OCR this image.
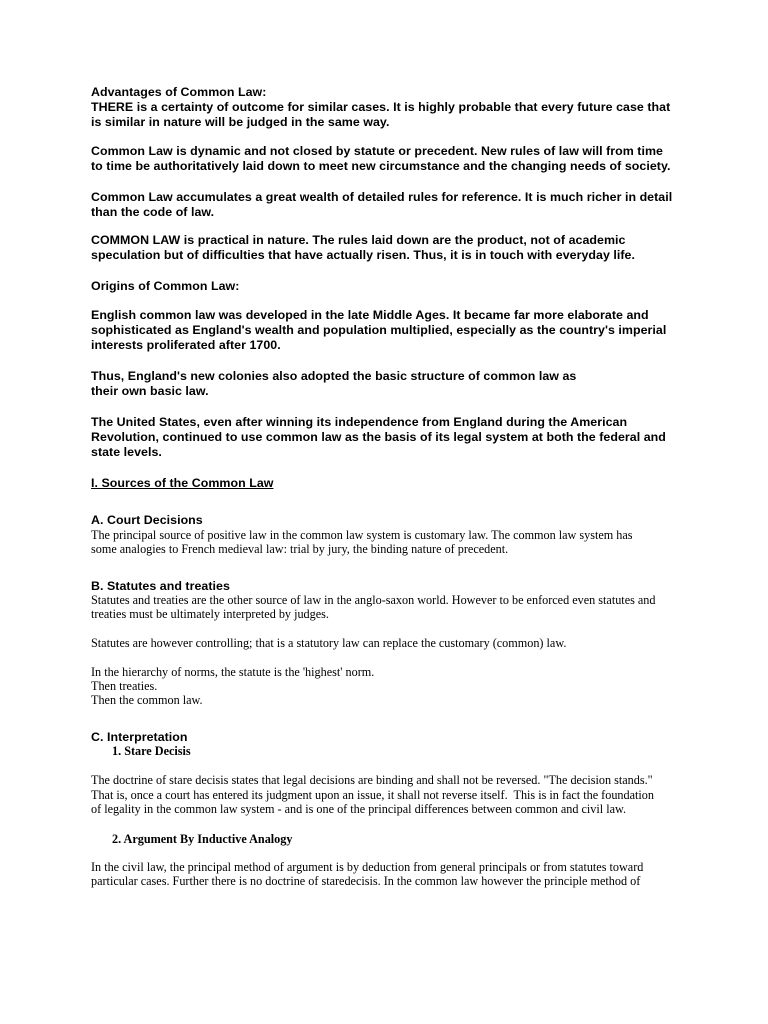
Advantages of Common Law:
THERE is a certainty of outcome for similar cases. It is highly probable that every future case that
is similar in nature will be judged in the same way.
Common Law is dynamic and not closed by statute or precedent. New rules of law will from time
to time be authoritatively laid down to meet new circumstance and the changing needs of society.
Common Law accumulates a great wealth of detailed rules for reference. It is much richer in detail
than the code of law.
COMMON LAW is practical in nature. The rules laid down are the product, not of academic
speculation but of difficulties that have actually risen. Thus, it is in touch with everyday life.
Origins of Common Law:
English common law was developed in the late Middle Ages. It became far more elaborate and
sophisticated as England's wealth and population multiplied, especially as the country's imperial
interests proliferated after 1700.
Thus, England's new colonies also adopted the basic structure of common law as
their own basic law.
The United States, even after winning its independence from England during the American
Revolution, continued to use common law as the basis of its legal system at both the federal and
state levels.
I. Sources of the Common Law
A. Court Decisions
The principal source of positive law in the common law system is customary law. The common law system has
some analogies to French medieval law: trial by jury, the binding nature of precedent.
B. Statutes and treaties
Statutes and treaties are the other source of law in the anglo-saxon world. However to be enforced even statutes and
treaties must be ultimately interpreted by judges.
Statutes are however controlling; that is a statutory law can replace the customary (common) law.
In the hierarchy of norms, the statute is the 'highest' norm.
Then treaties.
Then the common law.
C. Interpretation
1. Stare Decisis
The doctrine of stare decisis states that legal decisions are binding and shall not be reversed. "The decision stands."
That is, once a court has entered its judgment upon an issue, it shall not reverse itself.  This is in fact the foundation
of legality in the common law system - and is one of the principal differences between common and civil law.
2. Argument By Inductive Analogy
In the civil law, the principal method of argument is by deduction from general principals or from statutes toward
particular cases. Further there is no doctrine of staredecisis. In the common law however the principle method of
